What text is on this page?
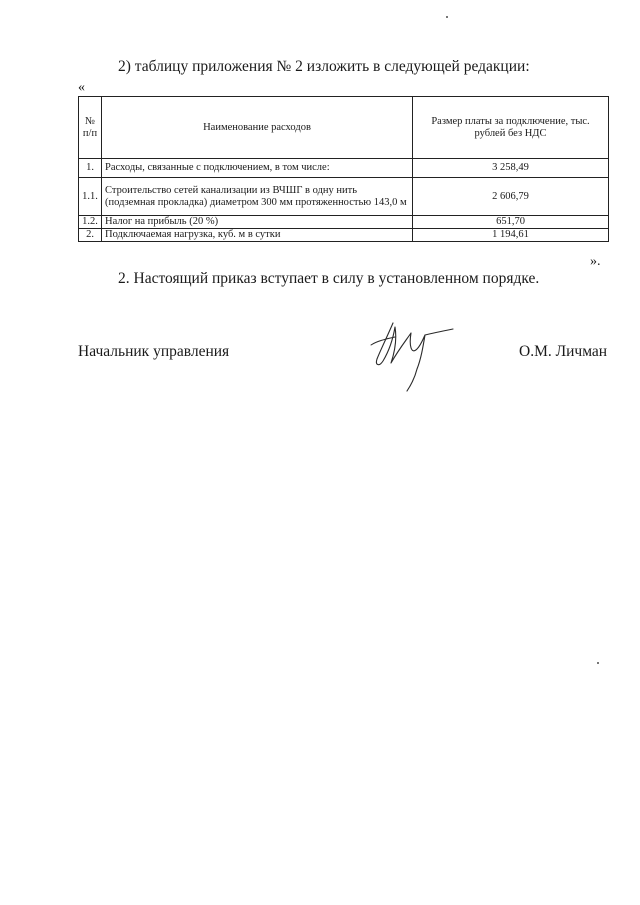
2) таблицу приложения № 2 изложить в следующей редакции:
«
№ п/п	Наименование расходов	Размер платы за подключение, тыс. рублей без НДС
1.	Расходы, связанные с подключением, в том числе:	3 258,49
1.1.	Строительство сетей канализации из ВЧШГ в одну нить (подземная прокладка) диаметром 300 мм протяженностью 143,0 м	2 606,79
1.2.	Налог на прибыль (20 %)	651,70
2.	Подключаемая нагрузка, куб. м в сутки	1 194,61
».
2. Настоящий приказ вступает в силу в установленном порядке.
Начальник управления	О.М. Личман
